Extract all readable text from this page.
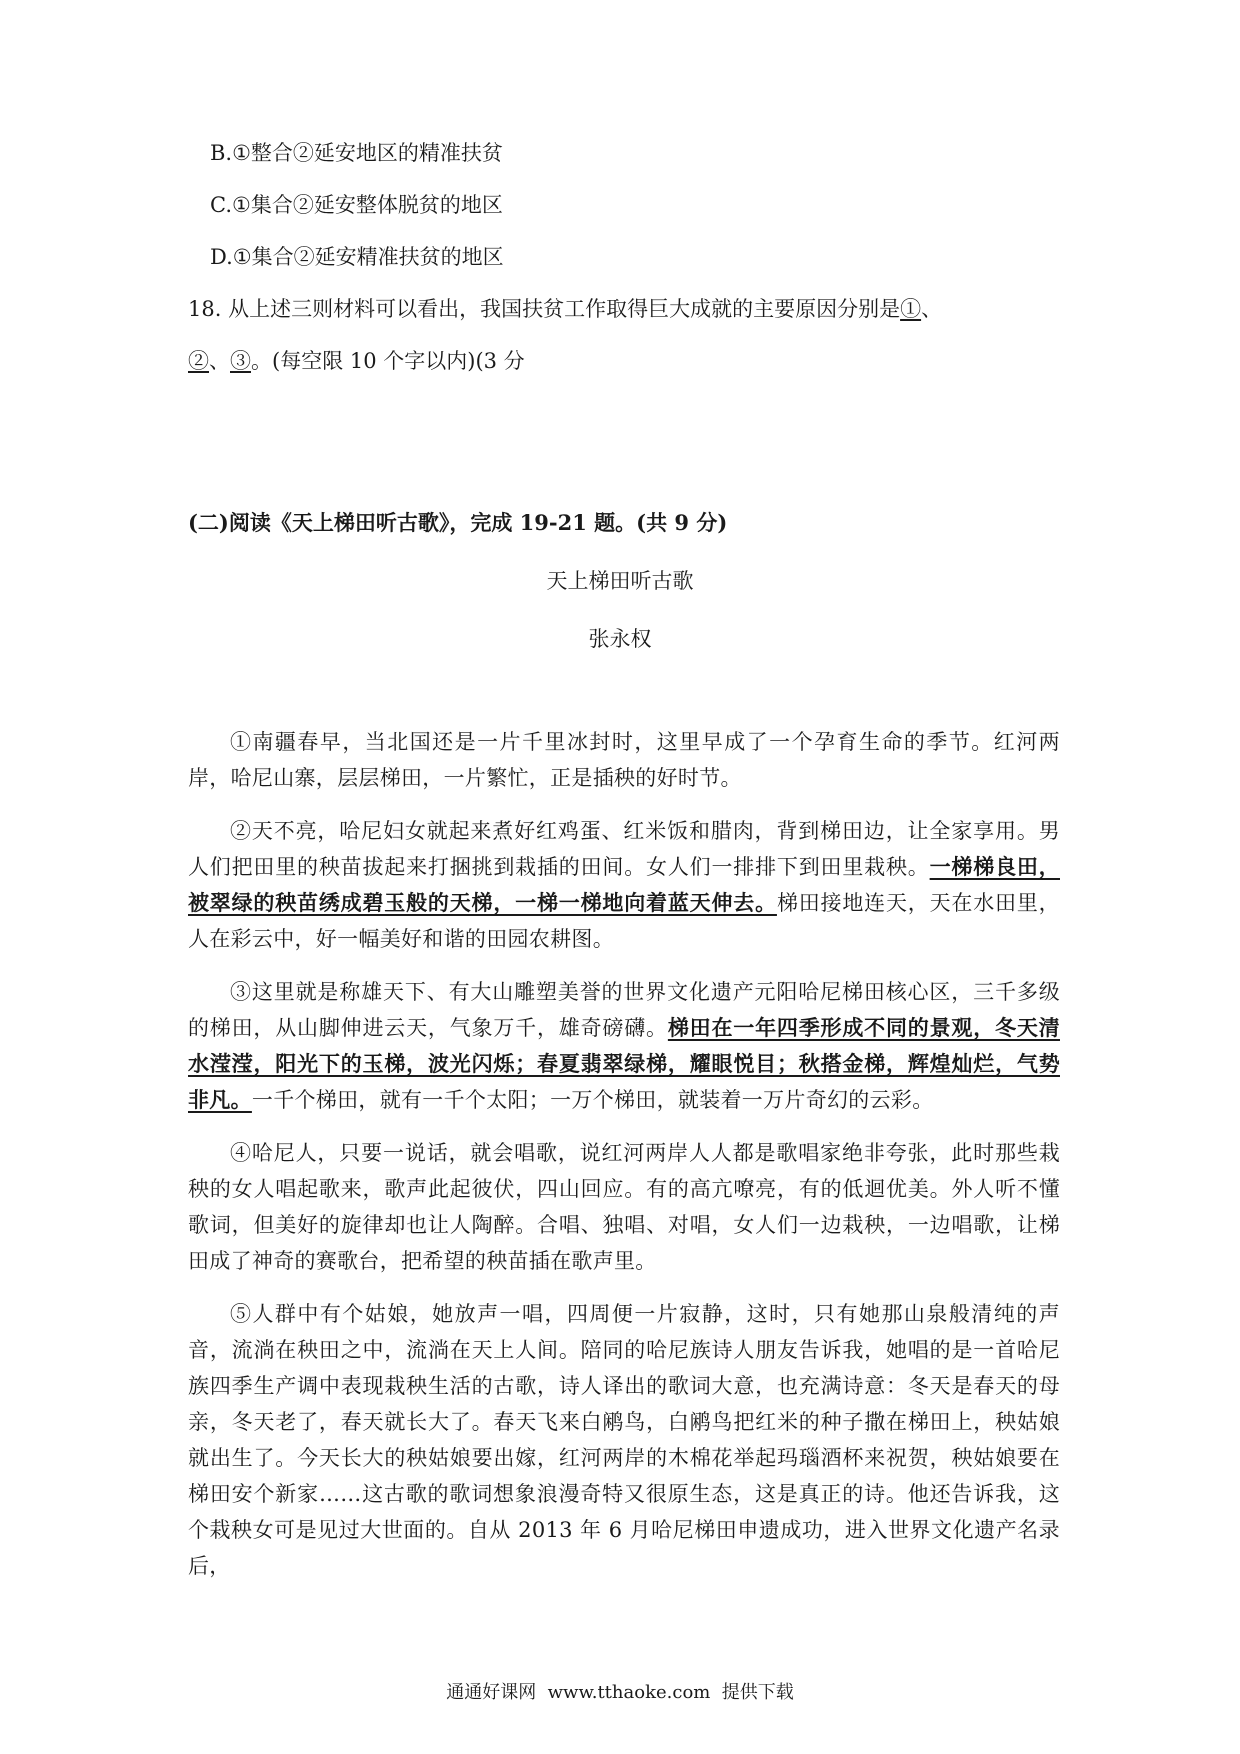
B.①整合②延安地区的精准扶贫
C.①集合②延安整体脱贫的地区
D.①集合②延安精准扶贫的地区
18. 从上述三则材料可以看出，我国扶贫工作取得巨大成就的主要原因分别是①、
②、③。(每空限 10 个字以内)(3 分
(二)阅读《天上梯田听古歌》，完成 19-21 题。(共 9 分)
天上梯田听古歌
张永权

①南疆春早，当北国还是一片千里冰封时，这里早成了一个孕育生命的季节。红河两岸，哈尼山寨，层层梯田，一片繁忙，正是插秧的好时节。

②天不亮，哈尼妇女就起来煮好红鸡蛋、红米饭和腊肉，背到梯田边，让全家享用。男人们把田里的秧苗拔起来打捆挑到栽插的田间。女人们一排排下到田里栽秧。一梯梯良田，被翠绿的秧苗绣成碧玉般的天梯，一梯一梯地向着蓝天伸去。梯田接地连天，天在水田里，人在彩云中，好一幅美好和谐的田园农耕图。

③这里就是称雄天下、有大山雕塑美誉的世界文化遗产元阳哈尼梯田核心区，三千多级的梯田，从山脚伸进云天，气象万千，雄奇磅礴。梯田在一年四季形成不同的景观，冬天清水滢滢，阳光下的玉梯，波光闪烁；春夏翡翠绿梯，耀眼悦目；秋搭金梯，辉煌灿烂，气势非凡。一千个梯田，就有一千个太阳；一万个梯田，就装着一万片奇幻的云彩。

④哈尼人，只要一说话，就会唱歌，说红河两岸人人都是歌唱家绝非夸张，此时那些栽秧的女人唱起歌来，歌声此起彼伏，四山回应。有的高亢嘹亮，有的低迴优美。外人听不懂歌词，但美好的旋律却也让人陶醉。合唱、独唱、对唱，女人们一边栽秧，一边唱歌，让梯田成了神奇的赛歌台，把希望的秧苗插在歌声里。

⑤人群中有个姑娘，她放声一唱，四周便一片寂静，这时，只有她那山泉般清纯的声音，流淌在秧田之中，流淌在天上人间。陪同的哈尼族诗人朋友告诉我，她唱的是一首哈尼族四季生产调中表现栽秧生活的古歌，诗人译出的歌词大意，也充满诗意：冬天是春天的母亲，冬天老了，春天就长大了。春天飞来白鹇鸟，白鹇鸟把红米的种子撒在梯田上，秧姑娘就出生了。今天长大的秧姑娘要出嫁，红河两岸的木棉花举起玛瑙酒杯来祝贺，秧姑娘要在梯田安个新家……这古歌的歌词想象浪漫奇特又很原生态，这是真正的诗。他还告诉我，这个栽秧女可是见过大世面的。自从 2013 年 6 月哈尼梯田申遗成功，进入世界文化遗产名录后，

通通好课网  www.tthaoke.com  提供下载
